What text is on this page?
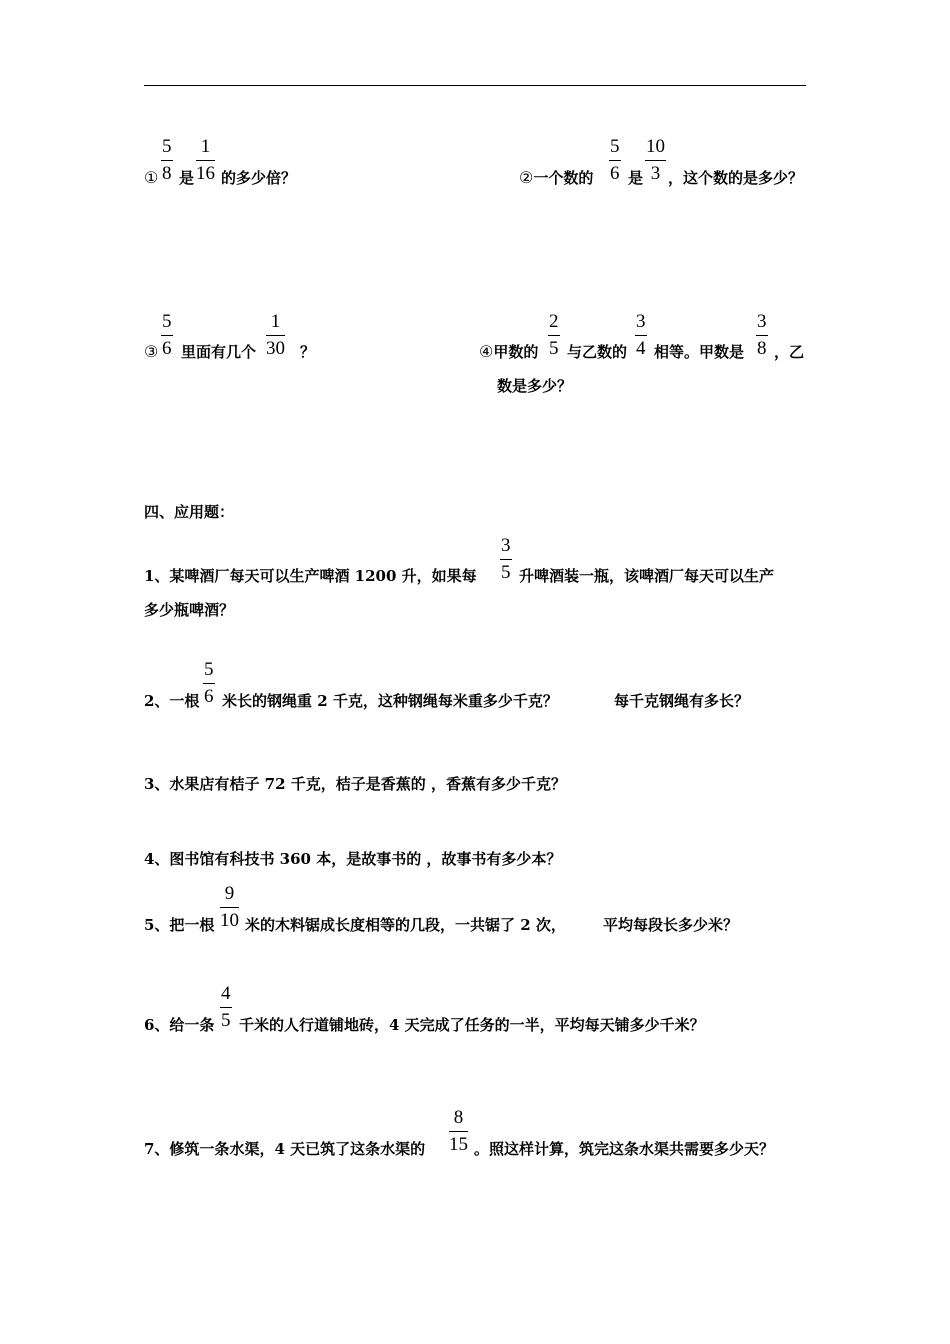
①
5
8 是
1
16 的多少倍？	②一个数的
5
6 是
10
3 ，这个数的是多少？
③
5
6 里面有几个
1
30 ？	④甲数的
2
5 与乙数的
3
4 相等。甲数是
3
8 ，乙
数是多少？
四、应用题：
1、某啤酒厂每天可以生产啤酒 1200 升，如果每
3
5 升啤酒装一瓶，该啤酒厂每天可以生产
多少瓶啤酒？
2、一根
5
6 米长的钢绳重 2 千克，这种钢绳每米重多少千克？	每千克钢绳有多长？
3、水果店有桔子 72 千克，桔子是香蕉的 ，香蕉有多少千克？
4、图书馆有科技书 360 本，是故事书的 ，故事书有多少本？
5、把一根
9
10 米的木料锯成长度相等的几段，一共锯了 2 次， 平均每段长多少米？
6、给一条
4
5 千米的人行道铺地砖，4 天完成了任务的一半，平均每天铺多少千米？
7、修筑一条水渠，4 天已筑了这条水渠的
8
15 。照这样计算，筑完这条水渠共需要多少天？
